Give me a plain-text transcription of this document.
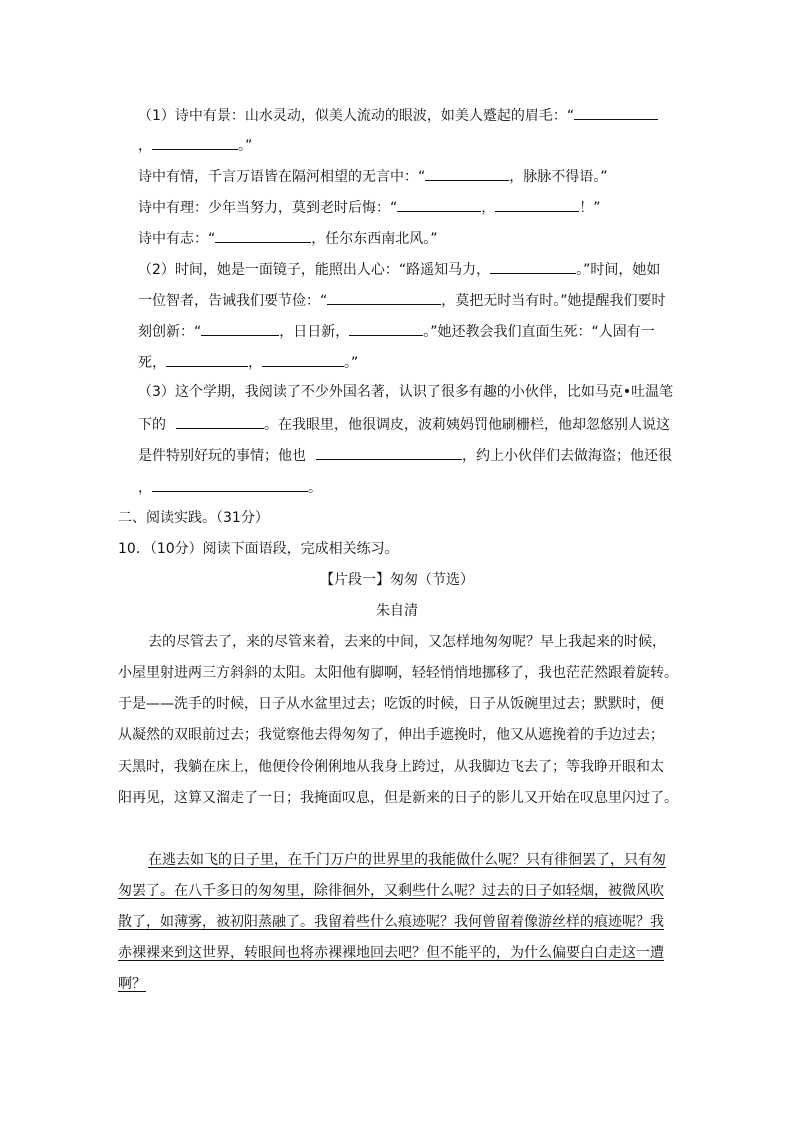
（1）诗中有景：山水灵动，似美人流动的眼波，如美人蹙起的眉毛：“
，	。”
诗中有情，千言万语皆在隔河相望的无言中：“	，脉脉不得语。”
诗中有理：少年当努力，莫到老时后悔：“	，	！”
诗中有志：“	，任尔东西南北风。”
（2）时间，她是一面镜子，能照出人心：“路遥知马力，	。”时间，她如
一位智者，告诫我们要节俭：“	，莫把无时当有时。”她提醒我们要时
刻创新：“	，日日新，	。”她还教会我们直面生死：“人固有一
死，	，	。”
（3）这个学期，我阅读了不少外国名著，认识了很多有趣的小伙伴，比如马克•吐温笔
下的	。在我眼里，他很调皮，波莉姨妈罚他刷栅栏，他却忽悠别人说这
是件特别好玩的事情；他也	，约上小伙伴们去做海盗；他还很
，	。
二、阅读实践。（31分）
10．（10分）阅读下面语段，完成相关练习。
【片段一】匆匆（节选）
朱自清
去的尽管去了，来的尽管来着，去来的中间，又怎样地匆匆呢？早上我起来的时候，
小屋里射进两三方斜斜的太阳。太阳他有脚啊，轻轻悄悄地挪移了，我也茫茫然跟着旋转。
于是——洗手的时候，日子从水盆里过去；吃饭的时候，日子从饭碗里过去；默默时，便
从凝然的双眼前过去；我觉察他去得匆匆了，伸出手遮挽时，他又从遮挽着的手边过去；
天黑时，我躺在床上，他便伶伶俐俐地从我身上跨过，从我脚边飞去了；等我睁开眼和太
阳再见，这算又溜走了一日；我掩面叹息，但是新来的日子的影儿又开始在叹息里闪过了。
在逃去如飞的日子里，在千门万户的世界里的我能做什么呢？只有徘徊罢了，只有匆
匆罢了。在八千多日的匆匆里，除徘徊外，又剩些什么呢？过去的日子如轻烟，被微风吹
散了，如薄雾，被初阳蒸融了。我留着些什么痕迹呢？我何曾留着像游丝样的痕迹呢？我
赤裸裸来到这世界，转眼间也将赤裸裸地回去吧？但不能平的，为什么偏要白白走这一遭
啊？
